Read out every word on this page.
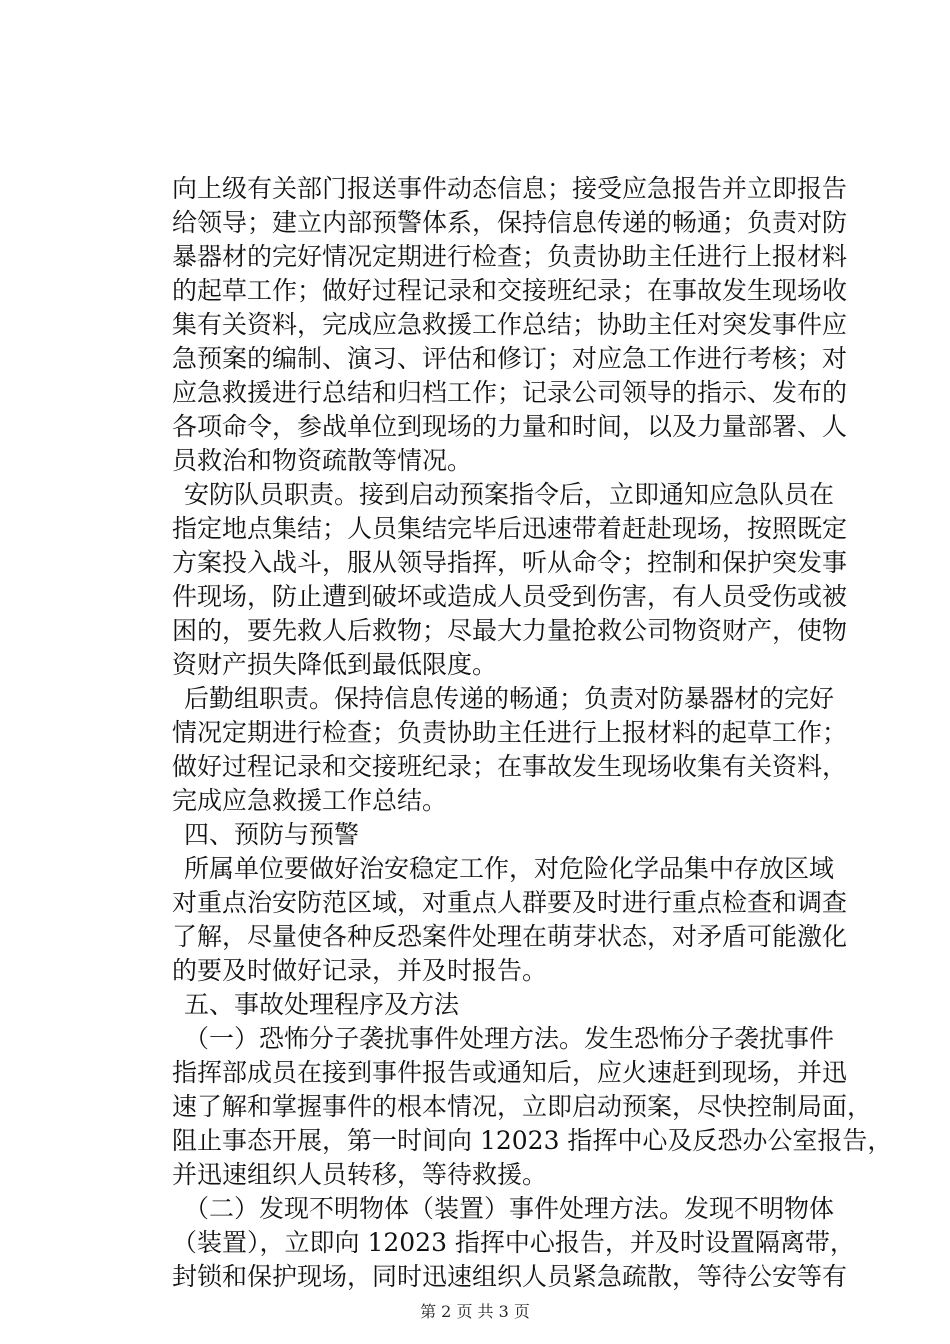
向上级有关部门报送事件动态信息；接受应急报告并立即报告
给领导；建立内部预警体系，保持信息传递的畅通；负责对防
暴器材的完好情况定期进行检查；负责协助主任进行上报材料
的起草工作；做好过程记录和交接班纪录；在事故发生现场收
集有关资料，完成应急救援工作总结；协助主任对突发事件应
急预案的编制、演习、评估和修订；对应急工作进行考核；对
应急救援进行总结和归档工作；记录公司领导的指示、发布的
各项命令，参战单位到现场的力量和时间，以及力量部署、人
员救治和物资疏散等情况。
安防队员职责。接到启动预案指令后，立即通知应急队员在
指定地点集结；人员集结完毕后迅速带着赶赴现场，按照既定
方案投入战斗，服从领导指挥，听从命令；控制和保护突发事
件现场，防止遭到破坏或造成人员受到伤害，有人员受伤或被
困的，要先救人后救物；尽最大力量抢救公司物资财产，使物
资财产损失降低到最低限度。
后勤组职责。保持信息传递的畅通；负责对防暴器材的完好
情况定期进行检查；负责协助主任进行上报材料的起草工作；
做好过程记录和交接班纪录；在事故发生现场收集有关资料，
完成应急救援工作总结。
四、预防与预警
所属单位要做好治安稳定工作，对危险化学品集中存放区域
对重点治安防范区域，对重点人群要及时进行重点检查和调查
了解，尽量使各种反恐案件处理在萌芽状态，对矛盾可能激化
的要及时做好记录，并及时报告。
五、事故处理程序及方法
（一）恐怖分子袭扰事件处理方法。发生恐怖分子袭扰事件
指挥部成员在接到事件报告或通知后，应火速赶到现场，并迅
速了解和掌握事件的根本情况，立即启动预案，尽快控制局面，
阻止事态开展，第一时间向 12023 指挥中心及反恐办公室报告，
并迅速组织人员转移，等待救援。
（二）发现不明物体（装置）事件处理方法。发现不明物体
（装置），立即向 12023 指挥中心报告，并及时设置隔离带，
封锁和保护现场，同时迅速组织人员紧急疏散，等待公安等有
第 2 页 共 3 页
